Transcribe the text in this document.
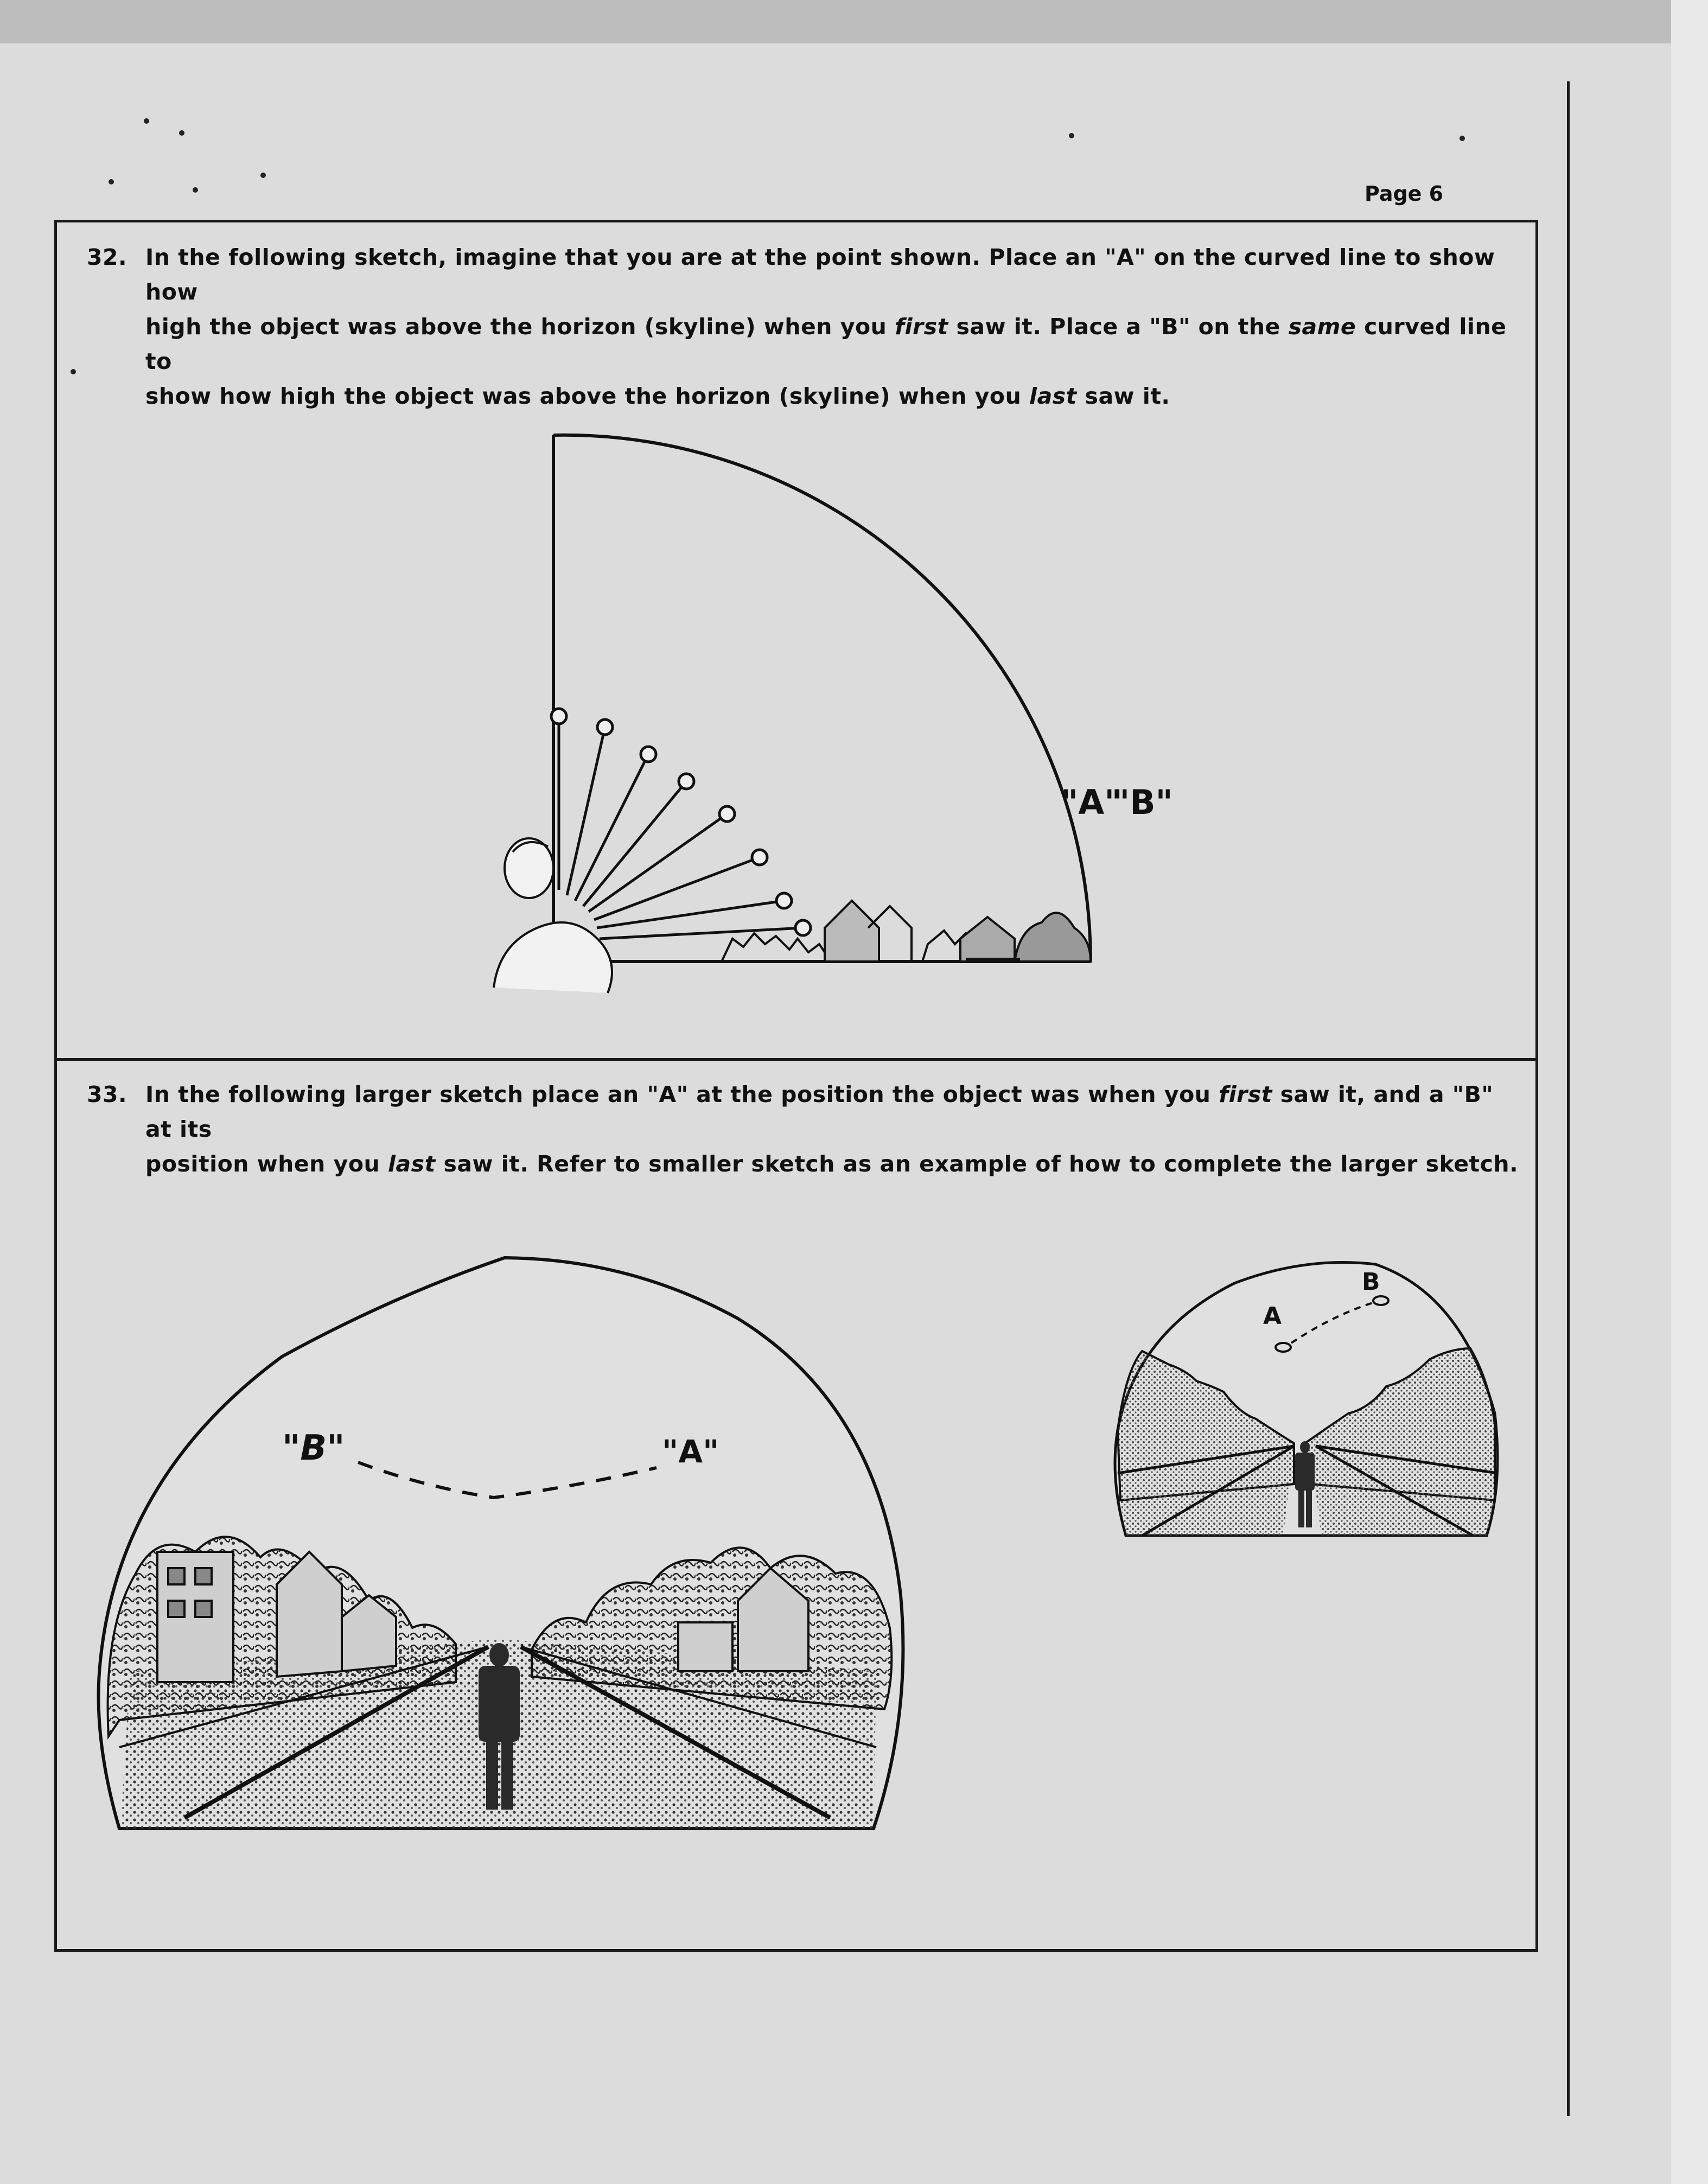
Page 6
32. In the following sketch, imagine that you are at the point shown. Place an "A" on the curved line to show how
high the object was above the horizon (skyline) when you first saw it. Place a "B" on the same curved line to
show how high the object was above the horizon (skyline) when you last saw it.
"A"
"B"
33. In the following larger sketch place an "A" at the position the object was when you first saw it, and a "B" at its
position when you last saw it. Refer to smaller sketch as an example of how to complete the larger sketch.
"B"	"A"
A
B
